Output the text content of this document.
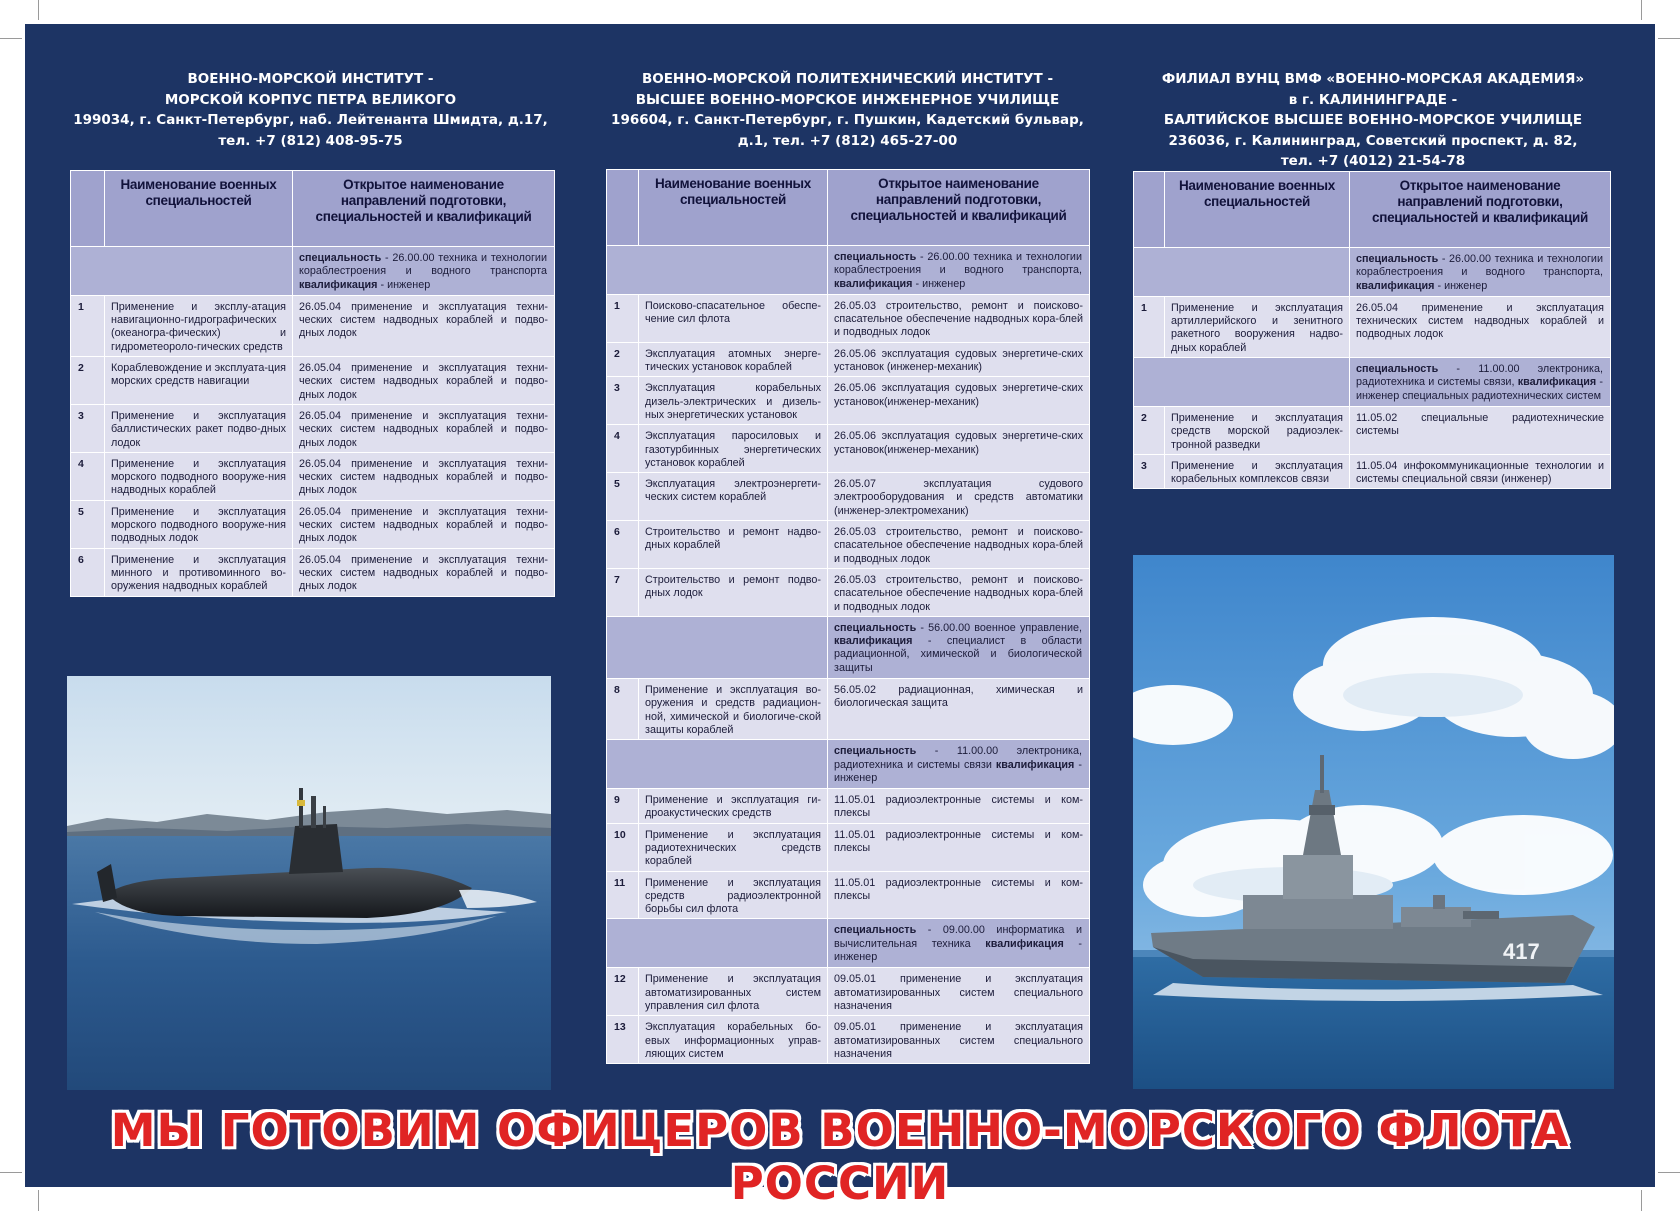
ВОЕННО-МОРСКОЙ ИНСТИТУТ -
МОРСКОЙ КОРПУС ПЕТРА ВЕЛИКОГО
199034, г. Санкт-Петербург, наб. Лейтенанта Шмидта, д.17,
тел. +7 (812) 408-95-75
ВОЕННО-МОРСКОЙ ПОЛИТЕХНИЧЕСКИЙ ИНСТИТУТ -
ВЫСШЕЕ ВОЕННО-МОРСКОЕ ИНЖЕНЕРНОЕ УЧИЛИЩЕ
196604, г. Санкт-Петербург, г. Пушкин, Кадетский бульвар,
д.1, тел. +7 (812) 465-27-00
ФИЛИАЛ ВУНЦ ВМФ «ВОЕННО-МОРСКАЯ АКАДЕМИЯ»
в г. КАЛИНИНГРАДЕ -
БАЛТИЙСКОЕ ВЫСШЕЕ ВОЕННО-МОРСКОЕ УЧИЛИЩЕ
236036, г. Калининград, Советский проспект, д. 82,
тел. +7 (4012) 21-54-78
	Наименование военных специальностей	Открытое наименование направлений подготовки, специальностей и квалификаций
		специальность - 26.00.00 техника и технологии кораблестроения и водного транспорта квалификация - инженер
1	Применение и эксплу-атация навигационно-гидрографических (океаногра-фических) и гидрометеороло-гических средств	26.05.04 применение и эксплуатация техни-ческих систем надводных кораблей и подво-дных лодок
2	Кораблевождение и эксплуата-ция морских средств навигации	26.05.04 применение и эксплуатация техни-ческих систем надводных кораблей и подво-дных лодок
3	Применение и эксплуатация баллистических ракет подво-дных лодок	26.05.04 применение и эксплуатация техни-ческих систем надводных кораблей и подво-дных лодок
4	Применение и эксплуатация морского подводного вооруже-ния надводных кораблей	26.05.04 применение и эксплуатация техни-ческих систем надводных кораблей и подво-дных лодок
5	Применение и эксплуатация морского подводного вооруже-ния подводных лодок	26.05.04 применение и эксплуатация техни-ческих систем надводных кораблей и подво-дных лодок
6	Применение и эксплуатация минного и противоминного во-оружения надводных кораблей	26.05.04 применение и эксплуатация техни-ческих систем надводных кораблей и подво-дных лодок
	Наименование военных специальностей	Открытое наименование направлений подготовки, специальностей и квалификаций
		специальность - 26.00.00 техника и технологии кораблестроения и водного транспорта, квалификация - инженер
1	Поисково-спасательное обеспе-чение сил флота	26.05.03 строительство, ремонт и поисково-спасательное обеспечение надводных кора-блей и подводных лодок
2	Эксплуатация атомных энерге-тических установок кораблей	26.05.06 эксплуатация судовых энергетиче-ских установок (инженер-механик)
3	Эксплуатация корабельных дизель-электрических и дизель-ных энергетических установок	26.05.06 эксплуатация судовых энергетиче-ских установок(инженер-механик)
4	Эксплуатация паросиловых и газотурбинных энергетических установок кораблей	26.05.06 эксплуатация судовых энергетиче-ских установок(инженер-механик)
5	Эксплуатация электроэнергети-ческих систем кораблей	26.05.07 эксплуатация судового электрооборудования и средств автоматики (инженер-электромеханик)
6	Строительство и ремонт надво-дных кораблей	26.05.03 строительство, ремонт и поисково-спасательное обеспечение надводных кора-блей и подводных лодок
7	Строительство и ремонт подво-дных лодок	26.05.03 строительство, ремонт и поисково-спасательное обеспечение надводных кора-блей и подводных лодок
		специальность - 56.00.00 военное управление, квалификация - специалист в области радиационной, химической и биологической защиты
8	Применение и эксплуатация во-оружения и средств радиацион-ной, химической и биологиче-ской защиты кораблей	56.05.02 радиационная, химическая и биологическая защита
		специальность - 11.00.00 электроника, радиотехника и системы связи квалификация - инженер
9	Применение и эксплуатация ги-дроакустических средств	11.05.01 радиоэлектронные системы и ком-плексы
10	Применение и эксплуатация радиотехнических средств кораблей	11.05.01 радиоэлектронные системы и ком-плексы
11	Применение и эксплуатация средств радиоэлектронной борьбы сил флота	11.05.01 радиоэлектронные системы и ком-плексы
		специальность - 09.00.00 информатика и вычислительная техника квалификация - инженер
12	Применение и эксплуатация автоматизированных систем управления сил флота	09.05.01 применение и эксплуатация автоматизированных систем специального назначения
13	Эксплуатация корабельных бо-евых информационных управ-ляющих систем	09.05.01 применение и эксплуатация автоматизированных систем специального назначения
	Наименование военных специальностей	Открытое наименование направлений подготовки, специальностей и квалификаций
		специальность - 26.00.00 техника и технологии кораблестроения и водного транспорта, квалификация - инженер
1	Применение и эксплуатация артиллерийского и зенитного ракетного вооружения надво-дных кораблей	26.05.04 применение и эксплуатация технических систем надводных кораблей и подводных лодок
		специальность - 11.00.00 электроника, радиотехника и системы связи, квалификация - инженер специальных радиотехнических систем
2	Применение и эксплуатация средств морской радиоэлек-тронной разведки	11.05.02 специальные радиотехнические системы
3	Применение и эксплуатация корабельных комплексов связи	11.05.04 инфокоммуникационные технологии и системы специальной связи (инженер)
417
МЫ ГОТОВИМ ОФИЦЕРОВ ВОЕННО-МОРСКОГО ФЛОТА РОССИИ
